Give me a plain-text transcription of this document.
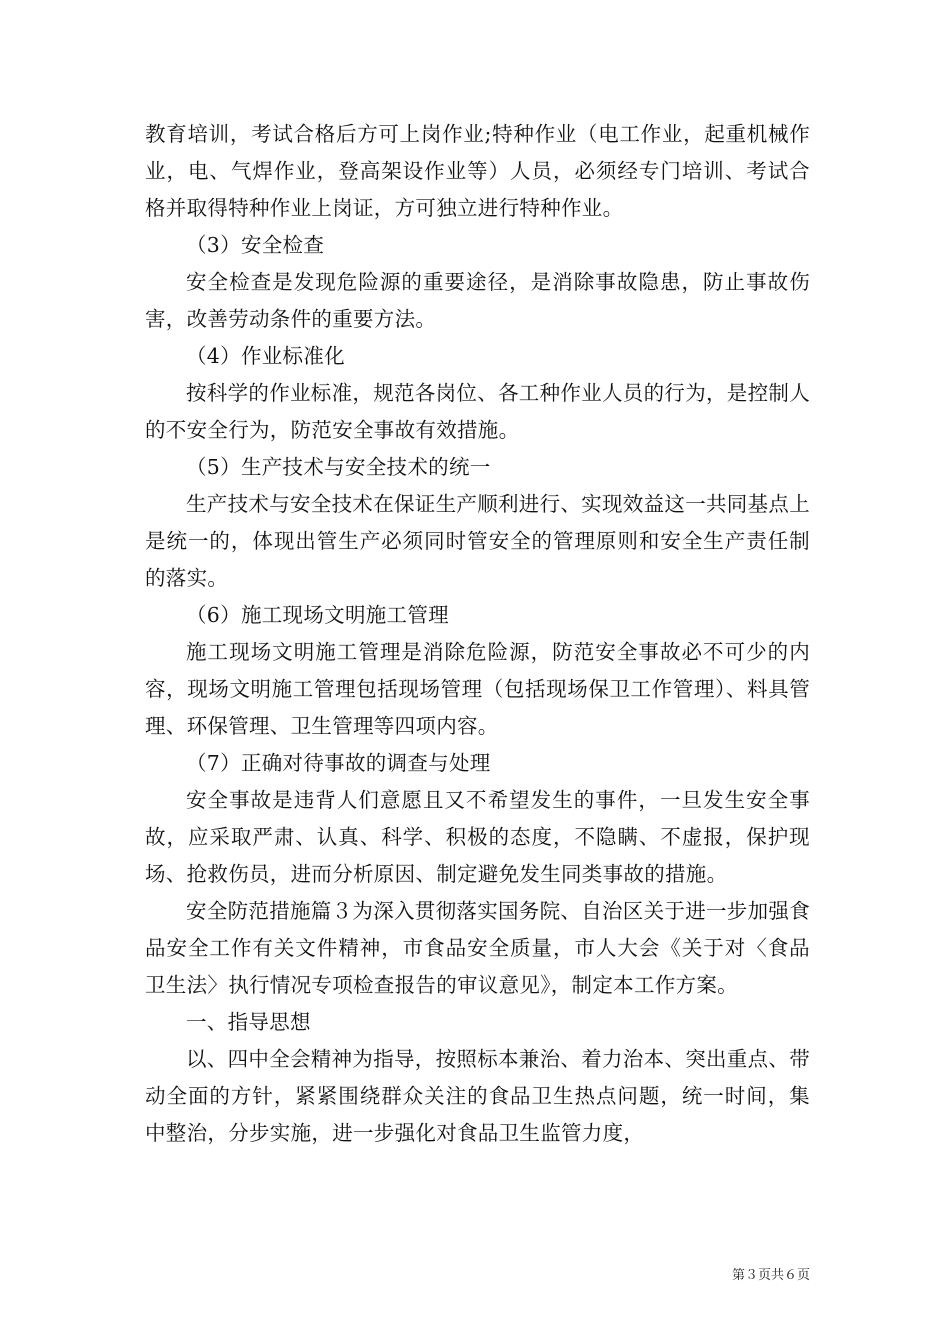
教育培训，考试合格后方可上岗作业;特种作业（电工作业，起重机械作业，电、气焊作业，登高架设作业等）人员，必须经专门培训、考试合格并取得特种作业上岗证，方可独立进行特种作业。

（3）安全检查

安全检查是发现危险源的重要途径，是消除事故隐患，防止事故伤害，改善劳动条件的重要方法。

（4）作业标准化

按科学的作业标准，规范各岗位、各工种作业人员的行为，是控制人的不安全行为，防范安全事故有效措施。

（5）生产技术与安全技术的统一

生产技术与安全技术在保证生产顺利进行、实现效益这一共同基点上是统一的，体现出管生产必须同时管安全的管理原则和安全生产责任制的落实。

（6）施工现场文明施工管理

施工现场文明施工管理是消除危险源，防范安全事故必不可少的内容，现场文明施工管理包括现场管理（包括现场保卫工作管理）、料具管理、环保管理、卫生管理等四项内容。

（7）正确对待事故的调查与处理

安全事故是违背人们意愿且又不希望发生的事件，一旦发生安全事故，应采取严肃、认真、科学、积极的态度，不隐瞒、不虚报，保护现场、抢救伤员，进而分析原因、制定避免发生同类事故的措施。

安全防范措施篇３为深入贯彻落实国务院、自治区关于进一步加强食品安全工作有关文件精神，市食品安全质量，市人大会《关于对〈食品卫生法〉执行情况专项检查报告的审议意见》，制定本工作方案。

一、指导思想

以、四中全会精神为指导，按照标本兼治、着力治本、突出重点、带动全面的方针，紧紧围绕群众关注的食品卫生热点问题，统一时间，集中整治，分步实施，进一步强化对食品卫生监管力度，

第３页共６页
